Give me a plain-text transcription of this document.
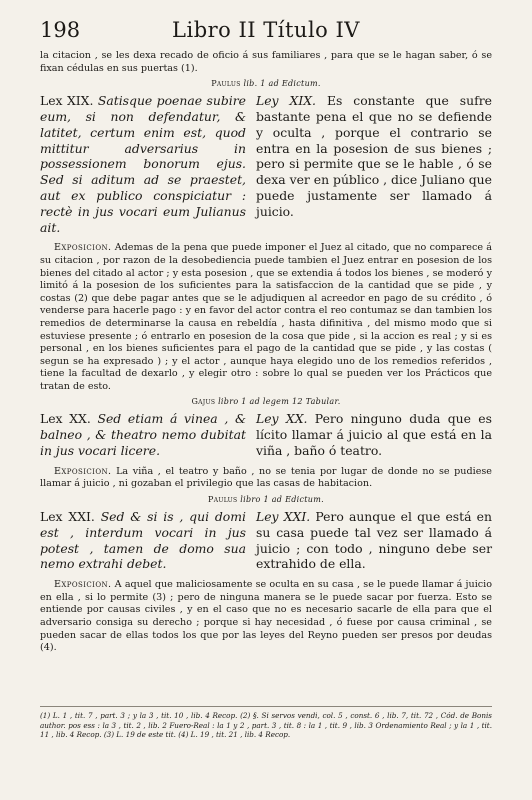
198	Libro II Título IV

la citacion , se les dexa recado de oficio á sus familiares , para que se le hagan saber, ó se fixan cédulas en sus puertas (1).

Paulus lib. 1 ad Edictum.
Lex XIX. Satisque poenae subire eum, si non defendatur, & latitet, certum enim est, quod mittitur adversarius in possessionem bonorum ejus. Sed si aditum ad se praestet, aut ex publico conspiciatur : rectè in jus vocari eum Julianus ait.
Ley XIX. Es constante que sufre bastante pena el que no se defiende y oculta , porque el contrario se entra en la posesion de sus bienes ; pero si permite que se le hable , ó se dexa ver en público , dice Juliano que puede justamente ser llamado á juicio.

Exposicion. Ademas de la pena que puede imponer el Juez al citado, que no comparece á su citacion , por razon de la desobediencia puede tambien el Juez entrar en posesion de los bienes del citado al actor ; y esta posesion , que se extendia á todos los bienes , se moderó y limitó á la posesion de los suficientes para la satisfaccion de la cantidad que se pide , y costas (2) que debe pagar antes que se le adjudiquen al acreedor en pago de su crédito , ó venderse para hacerle pago : y en favor del actor contra el reo contumaz se dan tambien los remedios de determinarse la causa en rebeldía , hasta difinitiva , del mismo modo que si estuviese presente ; ó entrarlo en posesion de la cosa que pide , si la accion es real ; y si es personal , en los bienes suficientes para el pago de la cantidad que se pide , y las costas ( segun se ha expresado ) ; y el actor , aunque haya elegido uno de los remedios referidos , tiene la facultad de dexarlo , y elegir otro : sobre lo qual se pueden ver los Prácticos que tratan de esto.

Gajus libro 1 ad legem 12 Tabular.
Lex XX. Sed etiam á vinea , & balneo , & theatro nemo dubitat in jus vocari licere.
Ley XX. Pero ninguno duda que es lícito llamar á juicio al que está en la viña , baño ó teatro.

Exposicion. La viña , el teatro y baño , no se tenia por lugar de donde no se pudiese llamar á juicio , ni gozaban el privilegio que las casas de habitacion.

Paulus libro 1 ad Edictum.
Lex XXI. Sed & si is , qui domi est , interdum vocari in jus potest , tamen de domo sua nemo extrahi debet.
Ley XXI. Pero aunque el que está en su casa puede tal vez ser llamado á juicio ; con todo , ninguno debe ser extrahido de ella.

Exposicion. A aquel que maliciosamente se oculta en su casa , se le puede llamar á juicio en ella , si lo permite (3) ; pero de ninguna manera se le puede sacar por fuerza. Esto se entiende por causas civiles , y en el caso que no es necesario sacarle de ella para que el adversario consiga su derecho ; porque si hay necesidad , ó fuese por causa criminal , se pueden sacar de ellas todos los que por las leyes del Reyno pueden ser presos por deudas (4).

(1) L. 1 , tit. 7 , part. 3 ; y la 3 , tit. 10 , lib. 4 Recop. (2) §. Si servos vendi, col. 5 , const. 6 , lib. 7, tit. 72 , Cód. de Bonis author. pos ess : la 3 , tit. 2 , lib. 2 Fuero-Real : la 1 y 2 , part. 3 , tit. 8 : la 1 , tit. 9 , lib. 3 Ordenamiento Real ; y la 1 , tit. 11 , lib. 4 Recop. (3) L. 19 de este tit. (4) L. 19 , tit. 21 , lib. 4 Recop.
